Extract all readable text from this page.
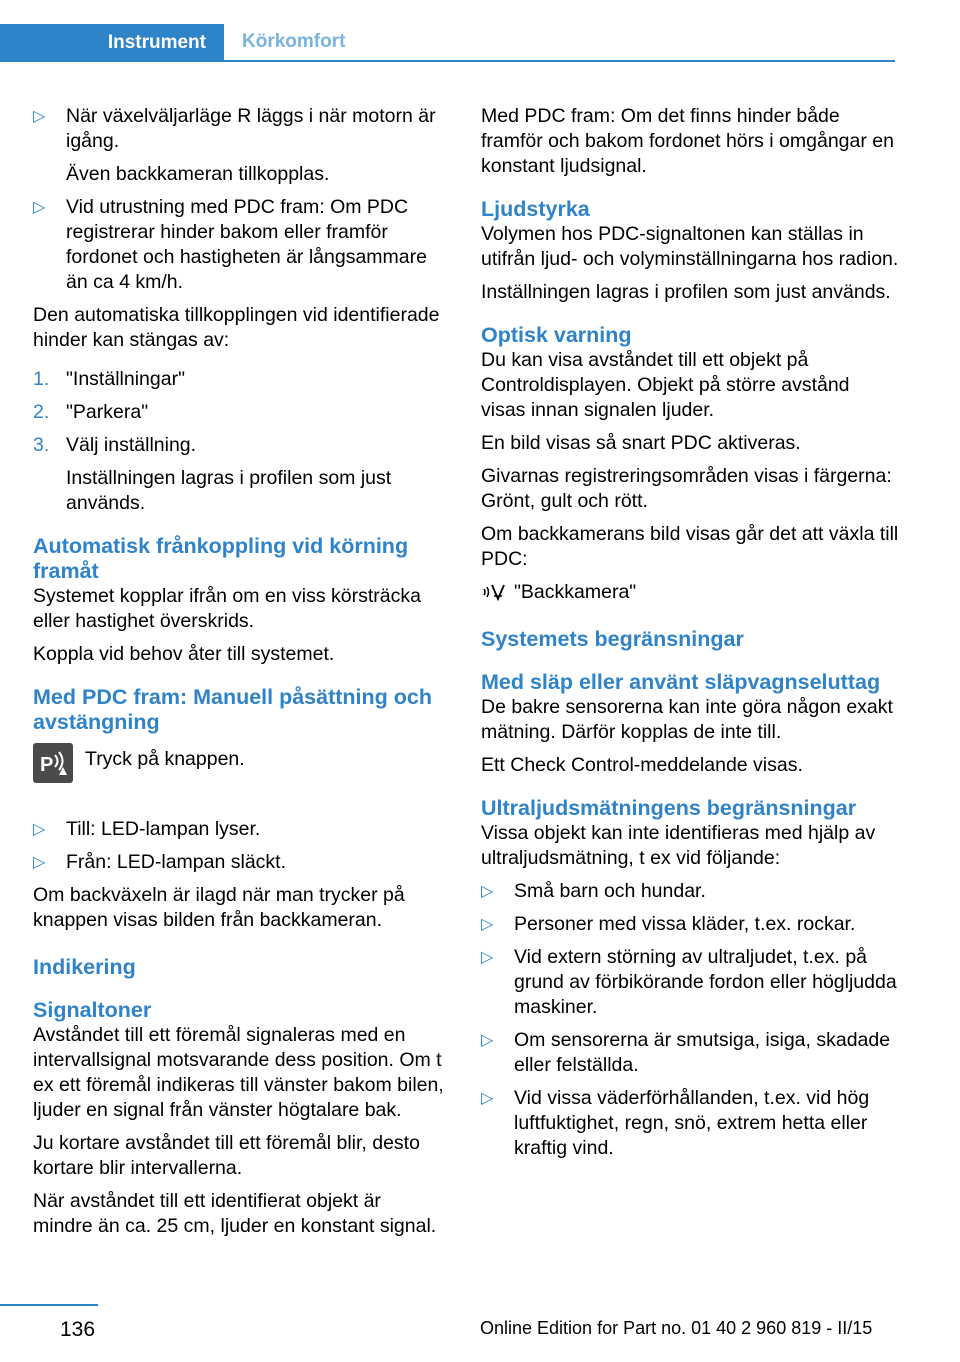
Instrument	Körkomfort
▷ När växelväljarläge R läggs i när motorn är igång.
Även backkameran tillkopplas.
▷ Vid utrustning med PDC fram: Om PDC registrerar hinder bakom eller framför fordonet och hastigheten är långsammare än ca 4 km/h.

Den automatiska tillkopplingen vid identifierade hinder kan stängas av:

1. "Inställningar"
2. "Parkera"
3. Välj inställning.
Inställningen lagras i profilen som just används.
Automatisk frånkoppling vid körning framåt

Systemet kopplar ifrån om en viss körsträcka eller hastighet överskrids.

Koppla vid behov åter till systemet.

Med PDC fram: Manuell påsättning och avstängning
P Tryck på knappen.
▷ Till: LED-lampan lyser.
▷ Från: LED-lampan släckt.

Om backväxeln är ilagd när man trycker på knappen visas bilden från backkameran.

Indikering
Signaltoner

Avståndet till ett föremål signaleras med en intervallsignal motsvarande dess position. Om t ex ett föremål indikeras till vänster bakom bilen, ljuder en signal från vänster högtalare bak.

Ju kortare avståndet till ett föremål blir, desto kortare blir intervallerna.

När avståndet till ett identifierat objekt är mindre än ca. 25 cm, ljuder en konstant signal.

Med PDC fram: Om det finns hinder både framför och bakom fordonet hörs i omgångar en konstant ljudsignal.

Ljudstyrka

Volymen hos PDC-signaltonen kan ställas in utifrån ljud- och volyminställningarna hos radion.

Inställningen lagras i profilen som just används.

Optisk varning

Du kan visa avståndet till ett objekt på Controldisplayen. Objekt på större avstånd visas innan signalen ljuder.

En bild visas så snart PDC aktiveras.

Givarnas registreringsområden visas i färgerna: Grönt, gult och rött.

Om backkamerans bild visas går det att växla till PDC:

"Backkamera"
Systemets begränsningar
Med släp eller använt släpvagnseluttag

De bakre sensorerna kan inte göra någon exakt mätning. Därför kopplas de inte till.

Ett Check Control-meddelande visas.

Ultraljudsmätningens begränsningar

Vissa objekt kan inte identifieras med hjälp av ultraljudsmätning, t ex vid följande:

▷ Små barn och hundar.
▷ Personer med vissa kläder, t.ex. rockar.
▷ Vid extern störning av ultraljudet, t.ex. på grund av förbikörande fordon eller högljudda maskiner.
▷ Om sensorerna är smutsiga, isiga, skadade eller felställda.
▷ Vid vissa väderförhållanden, t.ex. vid hög luftfuktighet, regn, snö, extrem hetta eller kraftig vind.
136	Online Edition for Part no. 01 40 2 960 819 - II/15
